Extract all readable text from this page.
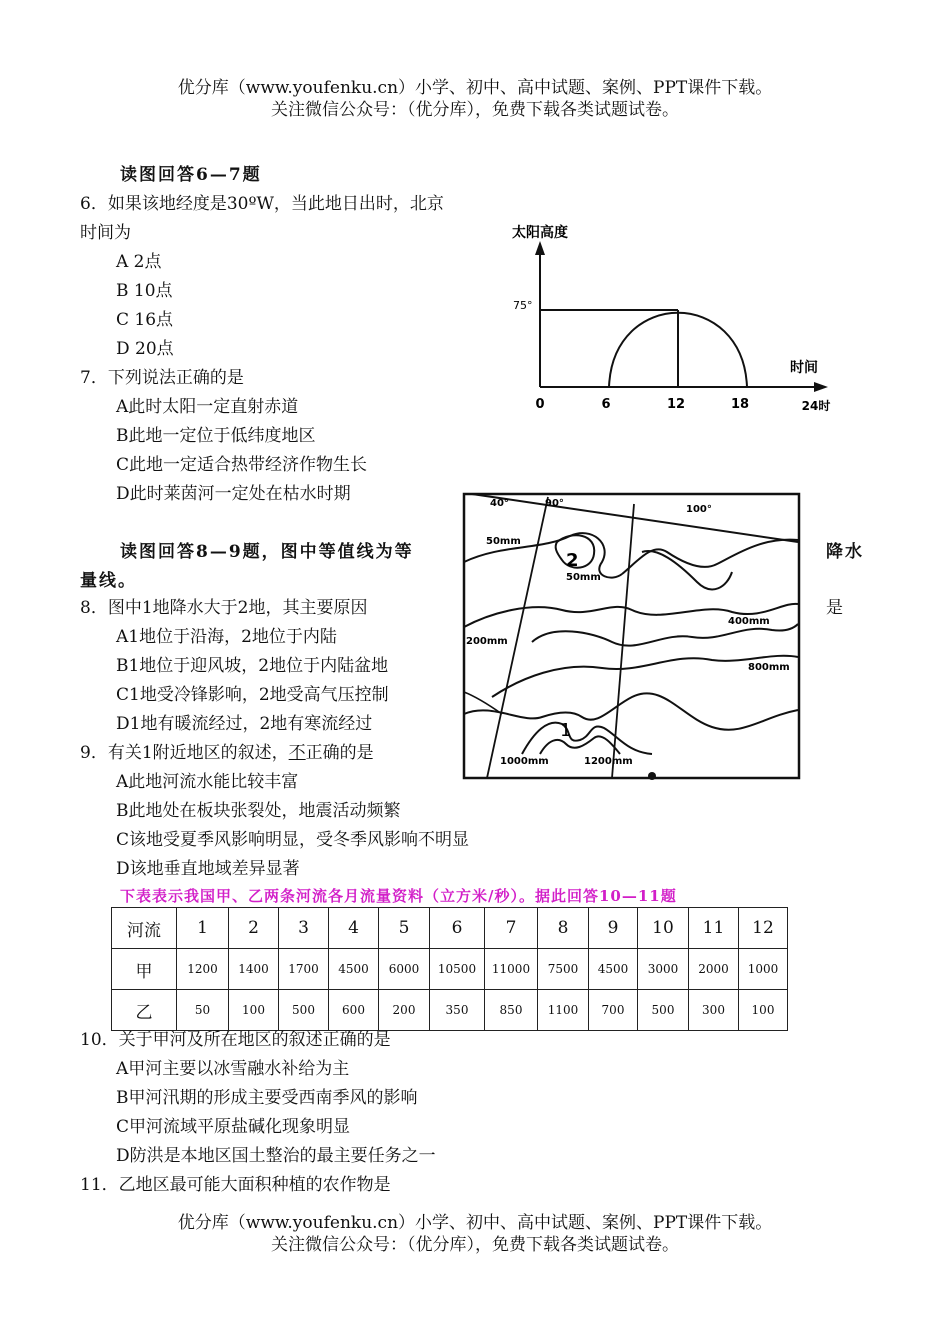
优分库（www.youfenku.cn）小学、初中、高中试题、案例、PPT课件下载。
关注微信公众号：（优分库），免费下载各类试题试卷。
读图回答6—7题
6．如果该地经度是30ºW，当此地日出时，北京
时间为
A 2点
B 10点
C 16点
D 20点
7．下列说法正确的是
A此时太阳一定直射赤道
B此地一定位于低纬度地区
C此地一定适合热带经济作物生长
D此时莱茵河一定处在枯水时期
太阳高度
时间
75°
0	6	12	18	24时
40°	90°
100°
50mm
50mm
200mm
400mm
800mm
1000mm	1200mm
1
2
读图回答8—9题，图中等值线为等	降水
量线。
8．图中1地降水大于2地，其主要原因	是
A1地位于沿海，2地位于内陆
B1地位于迎风坡，2地位于内陆盆地
C1地受冷锋影响，2地受高气压控制
D1地有暖流经过，2地有寒流经过
9．有关1附近地区的叙述，不正确的是
A此地河流水能比较丰富
B此地处在板块张裂处，地震活动频繁
C该地受夏季风影响明显，受冬季风影响不明显
D该地垂直地域差异显著
下表表示我国甲、乙两条河流各月流量资料（立方米/秒）。据此回答10—11题
河流	1	2	3	4	5	6	7	8	9	10	11	12
甲	1200	1400	1700	4500	6000	10500	11000	7500	4500	3000	2000	1000
乙	50	100	500	600	200	350	850	1100	700	500	300	100
10．关于甲河及所在地区的叙述正确的是
A甲河主要以冰雪融水补给为主
B甲河汛期的形成主要受西南季风的影响
C甲河流域平原盐碱化现象明显
D防洪是本地区国土整治的最主要任务之一
11．乙地区最可能大面积种植的农作物是
优分库（www.youfenku.cn）小学、初中、高中试题、案例、PPT课件下载。
关注微信公众号：（优分库），免费下载各类试题试卷。
